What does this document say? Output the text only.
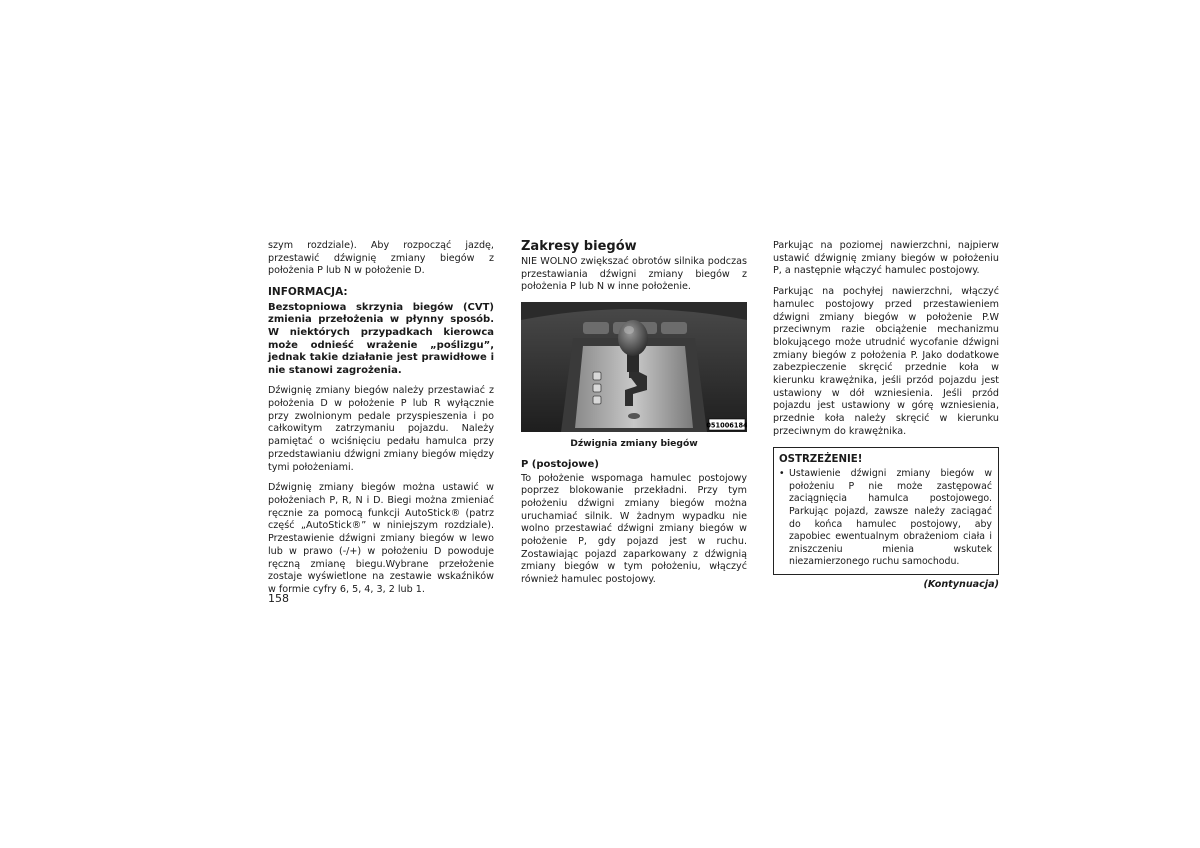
szym rozdziale). Aby rozpocząć jazdę, przestawić dźwignię zmiany biegów z położenia P lub N w położenie D.

INFORMACJA:

Bezstopniowa skrzynia biegów (CVT) zmienia przełożenia w płynny sposób. W niektórych przypadkach kierowca może odnieść wrażenie „poślizgu”, jednak takie działanie jest prawidłowe i nie stanowi zagrożenia.

Dźwignię zmiany biegów należy przestawiać z położenia D w położenie P lub R wyłącznie przy zwolnionym pedale przyspieszenia i po całkowitym zatrzymaniu pojazdu. Należy pamiętać o wciśnięciu pedału hamulca przy przedstawianiu dźwigni zmiany biegów między tymi położeniami.

Dźwignię zmiany biegów można ustawić w położeniach P, R, N i D. Biegi można zmieniać ręcznie za pomocą funkcji AutoStick® (patrz część „AutoStick®” w niniejszym rozdziale). Przestawienie dźwigni zmiany biegów w lewo lub w prawo (-/+) w położeniu D powoduje ręczną zmianę biegu.Wybrane przełożenie zostaje wyświetlone na zestawie wskaźników w formie cyfry 6, 5, 4, 3, 2 lub 1.

Zakresy biegów

NIE WOLNO zwiększać obrotów silnika podczas przestawiania dźwigni zmiany biegów z położenia P lub N w inne położenie.

051006184
Dźwignia zmiany biegów
P (postojowe)

To położenie wspomaga hamulec postojowy poprzez blokowanie przekładni. Przy tym położeniu dźwigni zmiany biegów można uruchamiać silnik. W żadnym wypadku nie wolno przestawiać dźwigni zmiany biegów w położenie P, gdy pojazd jest w ruchu. Zostawiając pojazd zaparkowany z dźwignią zmiany biegów w tym położeniu, włączyć również hamulec postojowy.

Parkując na poziomej nawierzchni, najpierw ustawić dźwignię zmiany biegów w położeniu P, a następnie włączyć hamulec postojowy.

Parkując na pochyłej nawierzchni, włączyć hamulec postojowy przed przestawieniem dźwigni zmiany biegów w położenie P.W przeciwnym razie obciążenie mechanizmu blokującego może utrudnić wycofanie dźwigni zmiany biegów z położenia P. Jako dodatkowe zabezpieczenie skręcić przednie koła w kierunku krawężnika, jeśli przód pojazdu jest ustawiony w dół wzniesienia. Jeśli przód pojazdu jest ustawiony w górę wzniesienia, przednie koła należy skręcić w kierunku przeciwnym do krawężnika.

OSTRZEŻENIE!
• Ustawienie dźwigni zmiany biegów w położeniu P nie może zastępować zaciągnięcia hamulca postojowego. Parkując pojazd, zawsze należy zaciągać do końca hamulec postojowy, aby zapobiec ewentualnym obrażeniom ciała i zniszczeniu mienia wskutek niezamierzonego ruchu samochodu.
(Kontynuacja)
158
